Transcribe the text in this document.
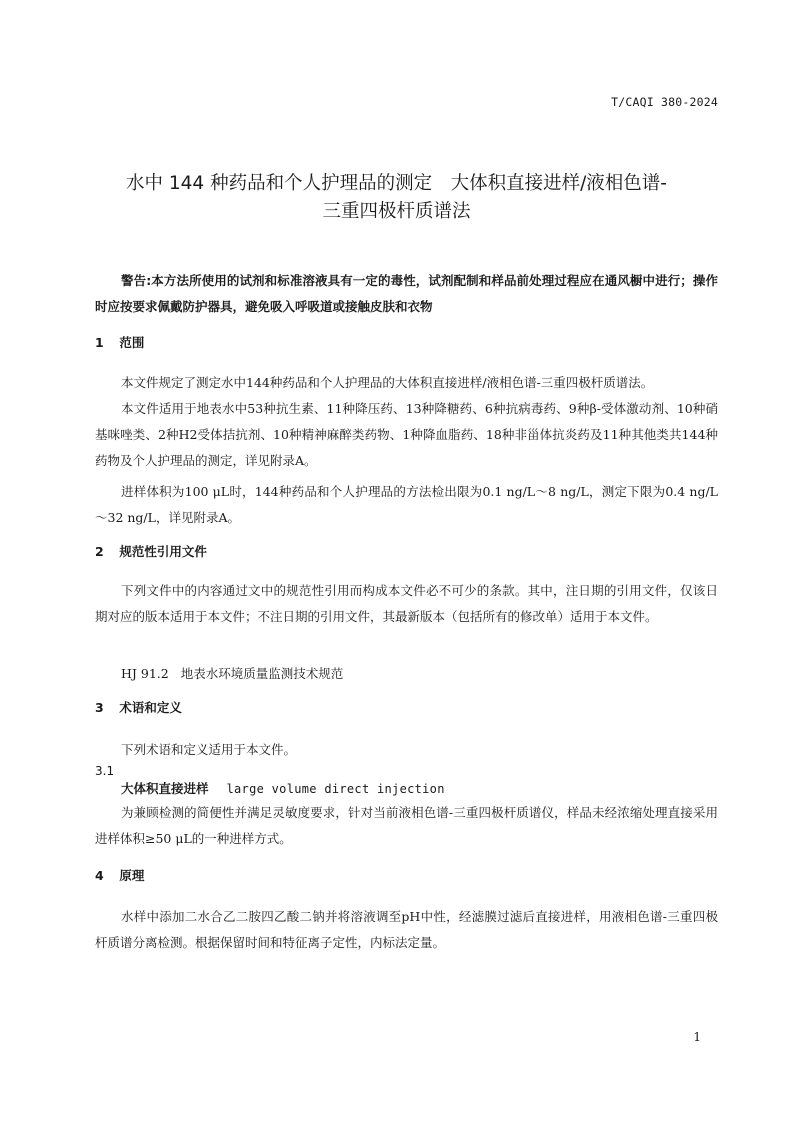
T/CAQI 380-2024
水中 144 种药品和个人护理品的测定　大体积直接进样/液相色谱-
三重四极杆质谱法
警告:本方法所使用的试剂和标准溶液具有一定的毒性，试剂配制和样品前处理过程应在通风橱中进行；操作时应按要求佩戴防护器具，避免吸入呼吸道或接触皮肤和衣物
1 范围
本文件规定了测定水中144种药品和个人护理品的大体积直接进样/液相色谱-三重四极杆质谱法。
本文件适用于地表水中53种抗生素、11种降压药、13种降糖药、6种抗病毒药、9种β-受体激动剂、10种硝基咪唑类、2种H2受体拮抗剂、10种精神麻醉类药物、1种降血脂药、18种非甾体抗炎药及11种其他类共144种药物及个人护理品的测定，详见附录A。
进样体积为100 μL时，144种药品和个人护理品的方法检出限为0.1 ng/L～8 ng/L，测定下限为0.4 ng/L～32 ng/L，详见附录A。
2 规范性引用文件
下列文件中的内容通过文中的规范性引用而构成本文件必不可少的条款。其中，注日期的引用文件，仅该日期对应的版本适用于本文件；不注日期的引用文件，其最新版本（包括所有的修改单）适用于本文件。
HJ 91.2 地表水环境质量监测技术规范
3 术语和定义
下列术语和定义适用于本文件。
3.1
大体积直接进样 large volume direct injection
为兼顾检测的简便性并满足灵敏度要求，针对当前液相色谱-三重四极杆质谱仪，样品未经浓缩处理直接采用进样体积≥50 μL的一种进样方式。
4 原理
水样中添加二水合乙二胺四乙酸二钠并将溶液调至pH中性，经滤膜过滤后直接进样，用液相色谱-三重四极杆质谱分离检测。根据保留时间和特征离子定性，内标法定量。
1
